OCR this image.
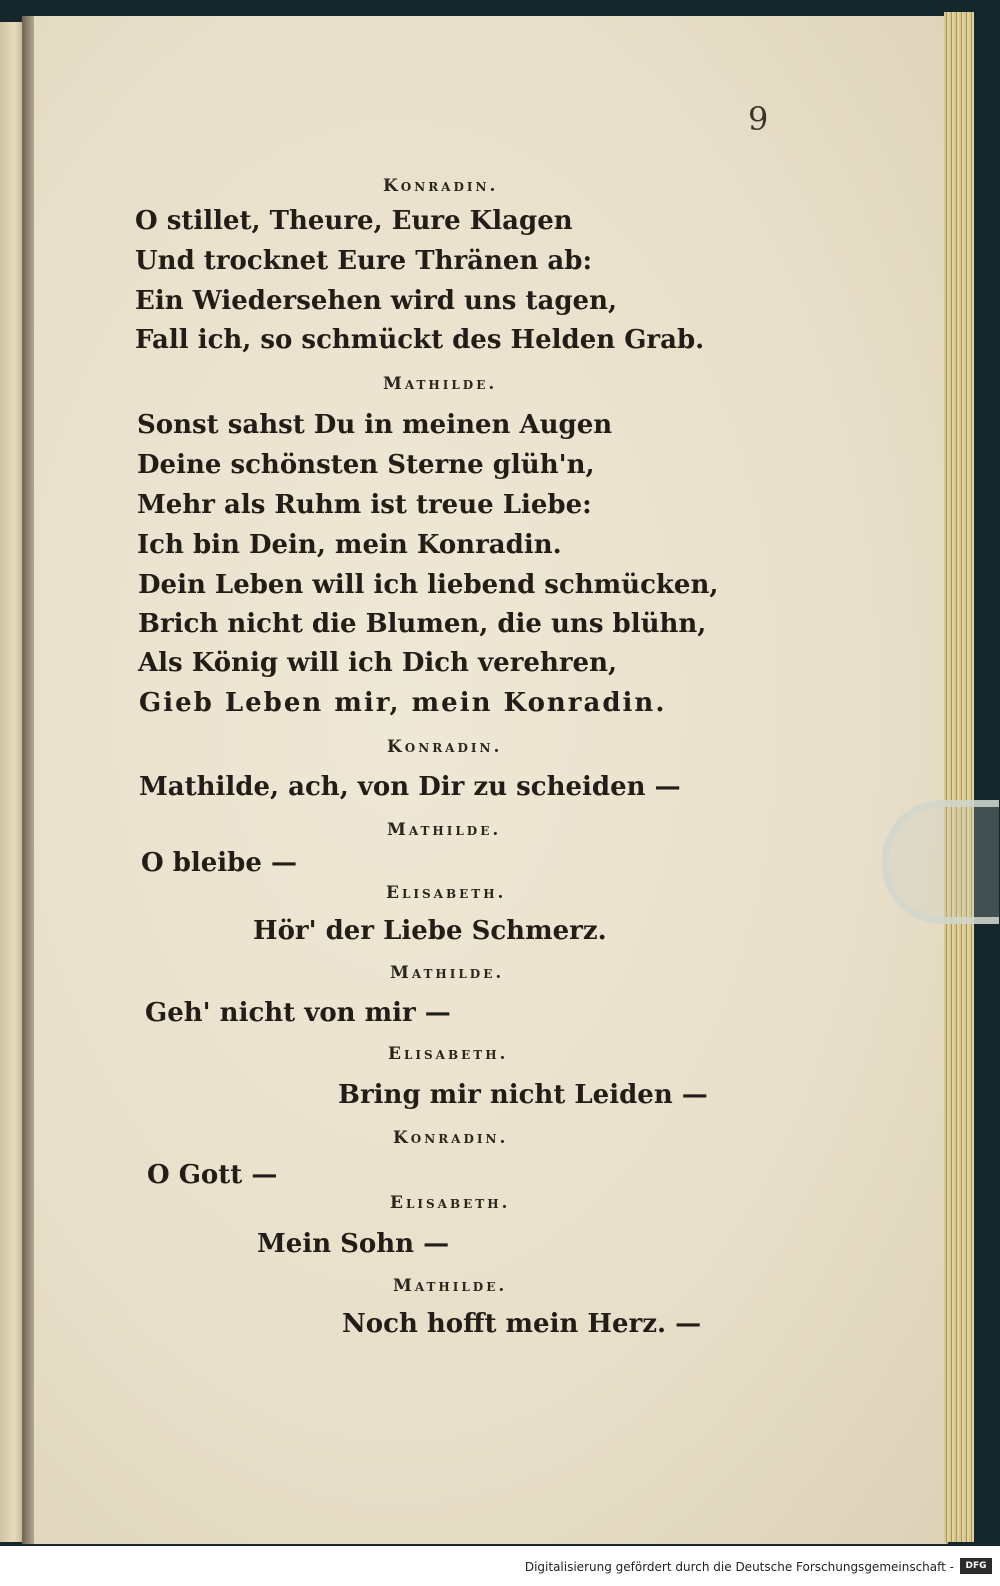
9
Konradin.
O stillet, Theure, Eure Klagen
Und trocknet Eure Thränen ab:
Ein Wiedersehen wird uns tagen,
Fall ich, so schmückt des Helden Grab.
Mathilde.
Sonst sahst Du in meinen Augen
Deine schönsten Sterne glüh'n,
Mehr als Ruhm ist treue Liebe:
Ich bin Dein, mein Konradin.
Dein Leben will ich liebend schmücken,
Brich nicht die Blumen, die uns blühn,
Als König will ich Dich verehren,
Gieb Leben mir, mein Konradin.
Konradin.
Mathilde, ach, von Dir zu scheiden —
Mathilde.
O bleibe —
Elisabeth.
Hör' der Liebe Schmerz.
Mathilde.
Geh' nicht von mir —
Elisabeth.
Bring mir nicht Leiden —
Konradin.
O Gott —
Elisabeth.
Mein Sohn —
Mathilde.
Noch hofft mein Herz. —
Digitalisierung gefördert durch die Deutsche Forschungsgemeinschaft -	DFG
